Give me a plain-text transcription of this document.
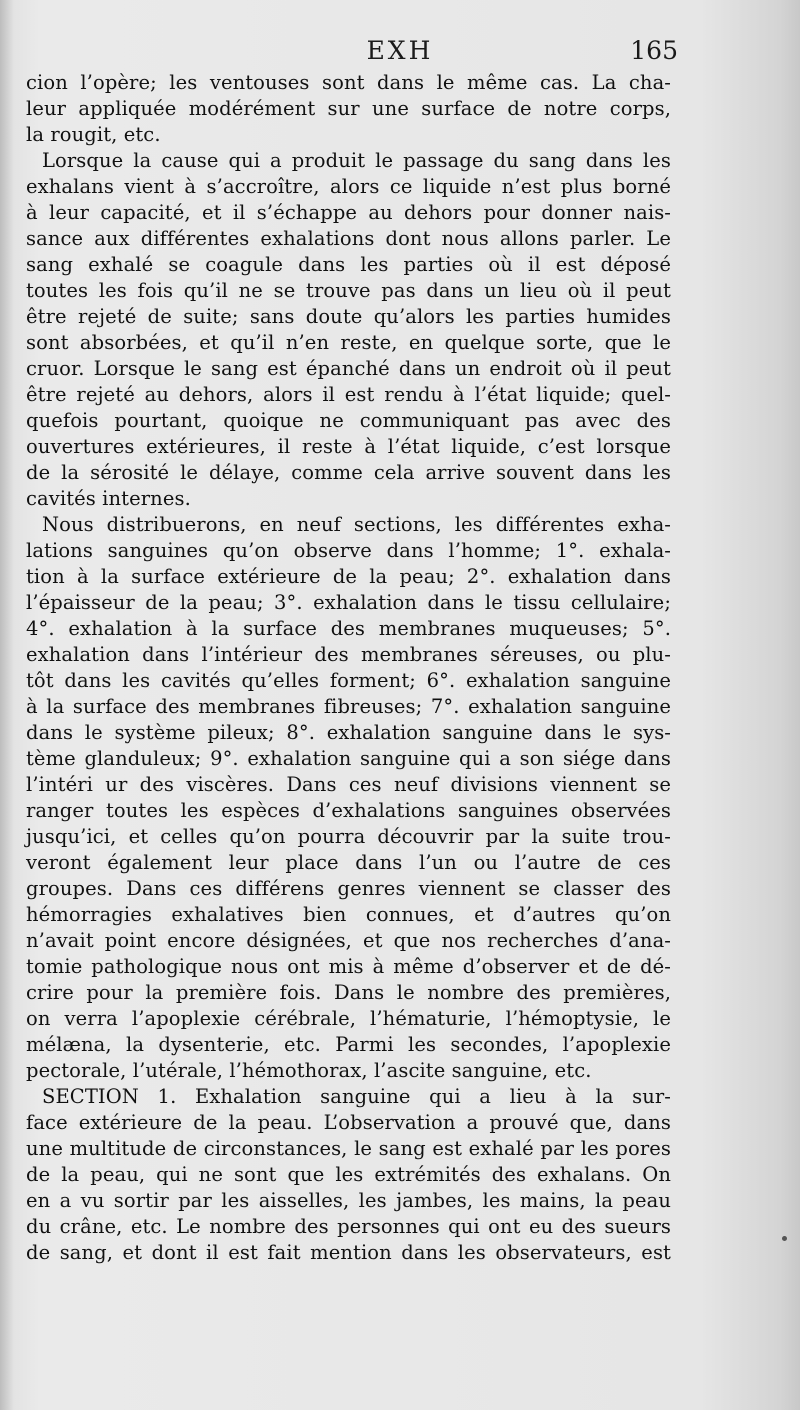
EXH	165
cion l’opère; les ventouses sont dans le même cas. La cha-
leur appliquée modérément sur une surface de notre corps,
la rougit, etc.
Lorsque la cause qui a produit le passage du sang dans les
exhalans vient à s’accroître, alors ce liquide n’est plus borné
à leur capacité, et il s’échappe au dehors pour donner nais-
sance aux différentes exhalations dont nous allons parler. Le
sang exhalé se coagule dans les parties où il est déposé
toutes les fois qu’il ne se trouve pas dans un lieu où il peut
être rejeté de suite; sans doute qu’alors les parties humides
sont absorbées, et qu’il n’en reste, en quelque sorte, que le
cruor. Lorsque le sang est épanché dans un endroit où il peut
être rejeté au dehors, alors il est rendu à l’état liquide; quel-
quefois pourtant, quoique ne communiquant pas avec des
ouvertures extérieures, il reste à l’état liquide, c’est lorsque
de la sérosité le délaye, comme cela arrive souvent dans les
cavités internes.
Nous distribuerons, en neuf sections, les différentes exha-
lations sanguines qu’on observe dans l’homme; 1°. exhala-
tion à la surface extérieure de la peau; 2°. exhalation dans
l’épaisseur de la peau; 3°. exhalation dans le tissu cellulaire;
4°. exhalation à la surface des membranes muqueuses; 5°.
exhalation dans l’intérieur des membranes séreuses, ou plu-
tôt dans les cavités qu’elles forment; 6°. exhalation sanguine
à la surface des membranes fibreuses; 7°. exhalation sanguine
dans le système pileux; 8°. exhalation sanguine dans le sys-
tème glanduleux; 9°. exhalation sanguine qui a son siége dans
l’intéri ur des viscères. Dans ces neuf divisions viennent se
ranger toutes les espèces d’exhalations sanguines observées
jusqu’ici, et celles qu’on pourra découvrir par la suite trou-
veront également leur place dans l’un ou l’autre de ces
groupes. Dans ces différens genres viennent se classer des
hémorragies exhalatives bien connues, et d’autres qu’on
n’avait point encore désignées, et que nos recherches d’ana-
tomie pathologique nous ont mis à même d’observer et de dé-
crire pour la première fois. Dans le nombre des premières,
on verra l’apoplexie cérébrale, l’hématurie, l’hémoptysie, le
mélæna, la dysenterie, etc. Parmi les secondes, l’apoplexie
pectorale, l’utérale, l’hémothorax, l’ascite sanguine, etc.
SECTION 1. Exhalation sanguine qui a lieu à la sur-
face extérieure de la peau. L’observation a prouvé que, dans
une multitude de circonstances, le sang est exhalé par les pores
de la peau, qui ne sont que les extrémités des exhalans. On
en a vu sortir par les aisselles, les jambes, les mains, la peau
du crâne, etc. Le nombre des personnes qui ont eu des sueurs
de sang, et dont il est fait mention dans les observateurs, est
